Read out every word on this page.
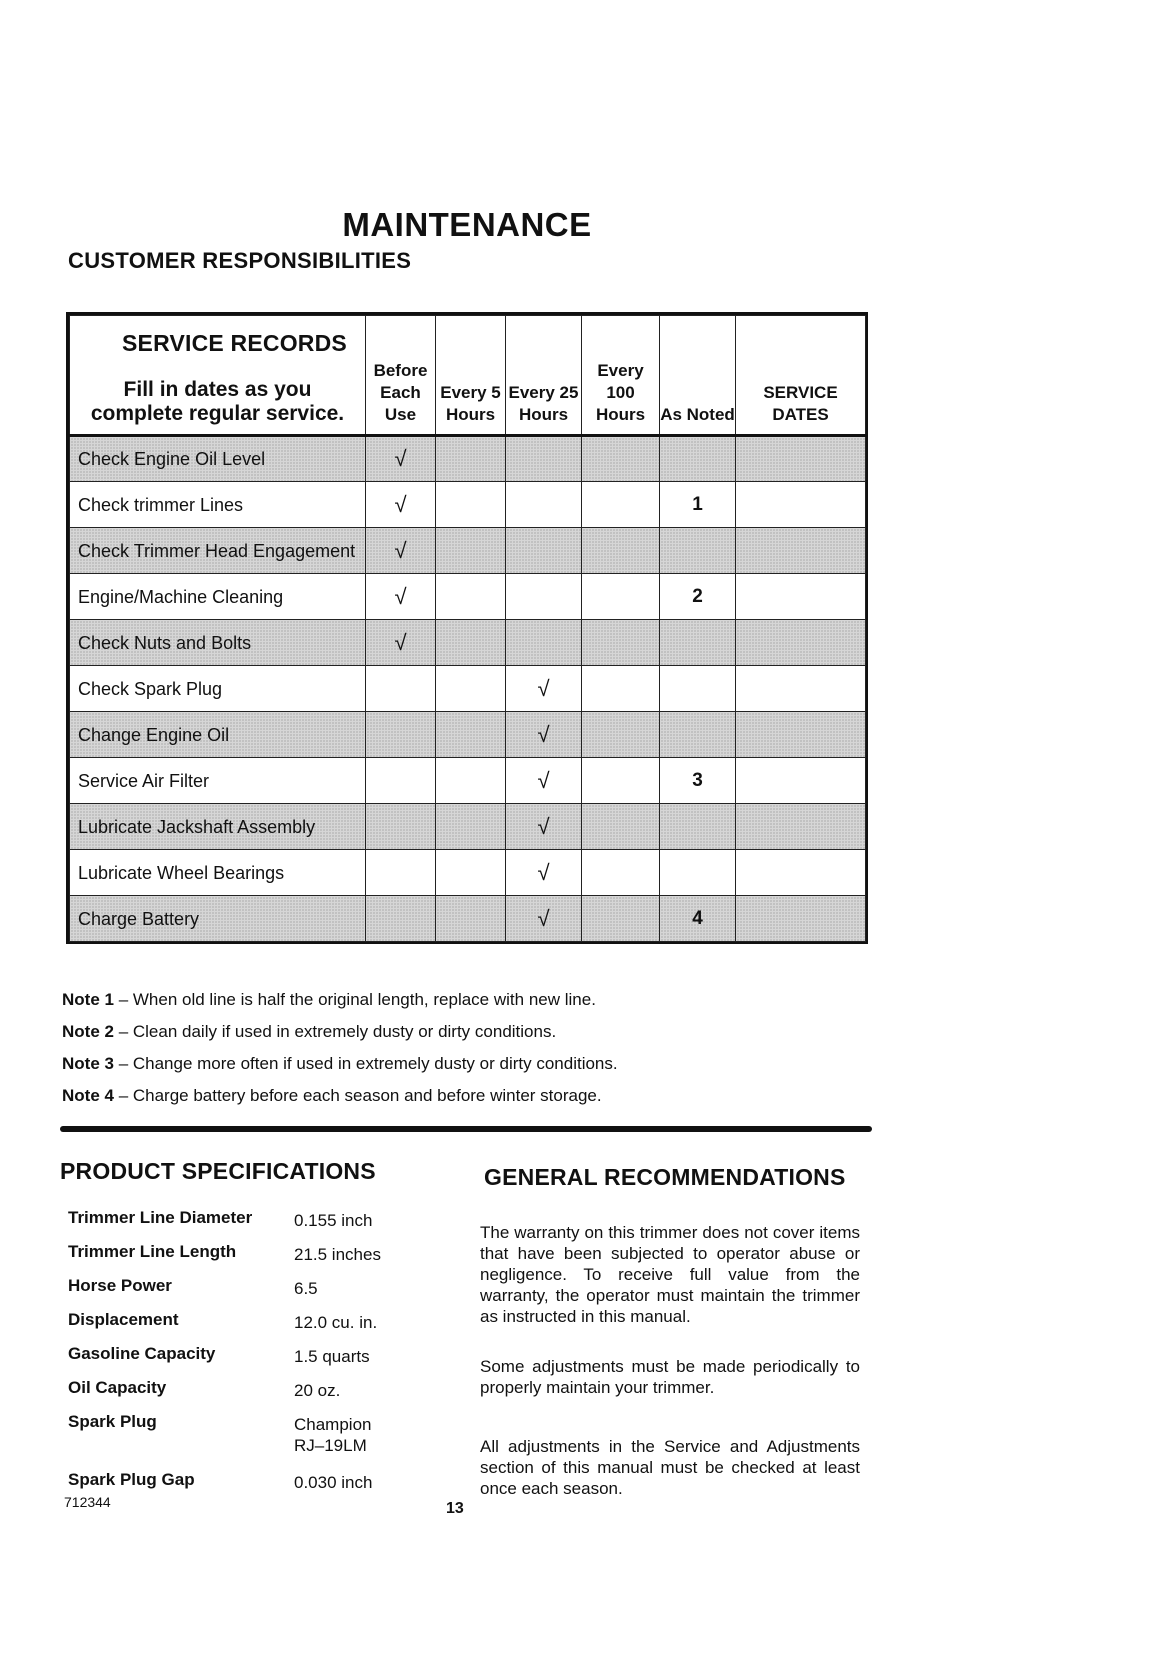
MAINTENANCE
CUSTOMER RESPONSIBILITIES
SERVICE RECORDS
Fill in dates as you complete regular service.	Before Each Use	Every 5 Hours	Every 25 Hours	Every 100 Hours	As Noted	SERVICE DATES
Check Engine Oil Level	√					
Check trimmer Lines	√				1	
Check Trimmer Head Engagement	√					
Engine/Machine Cleaning	√				2	
Check Nuts and Bolts	√					
Check Spark Plug			√			
Change Engine Oil			√			
Service Air Filter			√		3	
Lubricate Jackshaft Assembly			√			
Lubricate Wheel Bearings			√			
Charge Battery			√		4	
Note 1 – When old line is half the original length, replace with new line.
Note 2 – Clean daily if used in extremely dusty or dirty conditions.
Note 3 – Change more often if used in extremely dusty or dirty conditions.
Note 4 – Charge battery before each season and before winter storage.
PRODUCT SPECIFICATIONS
Trimmer Line Diameter 0.155 inch
Trimmer Line Length	21.5 inches
Horse Power	6.5
Displacement	12.0 cu. in.
Gasoline Capacity	1.5 quarts
Oil Capacity	20 oz.
Spark Plug	Champion
RJ–19LM
Spark Plug Gap	0.030 inch
GENERAL RECOMMENDATIONS
The warranty on this trimmer does not cover items that have been subjected to operator abuse or negligence. To receive full value from the warranty, the operator must maintain the trimmer as instructed in this manual.
Some adjustments must be made periodically to properly maintain your trimmer.
All adjustments in the Service and Adjustments section of this manual must be checked at least once each season.
712344	13
